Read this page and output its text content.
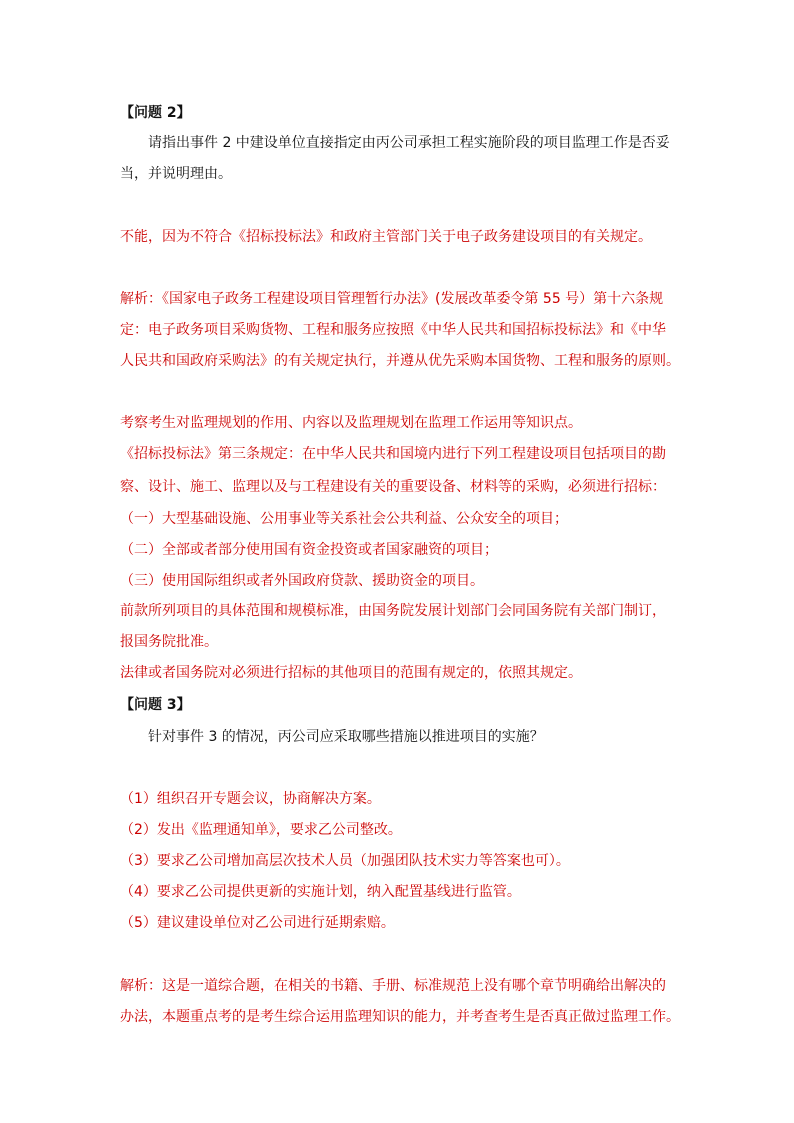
【问题 2】
请指出事件 2 中建设单位直接指定由丙公司承担工程实施阶段的项目监理工作是否妥
当，并说明理由。
不能，因为不符合《招标投标法》和政府主管部门关于电子政务建设项目的有关规定。
解析：《国家电子政务工程建设项目管理暂行办法》(发展改革委令第 55 号）第十六条规
定：电子政务项目采购货物、工程和服务应按照《中华人民共和国招标投标法》和《中华
人民共和国政府采购法》的有关规定执行，并遵从优先采购本国货物、工程和服务的原则。
考察考生对监理规划的作用、内容以及监理规划在监理工作运用等知识点。
《招标投标法》第三条规定：在中华人民共和国境内进行下列工程建设项目包括项目的勘
察、设计、施工、监理以及与工程建设有关的重要设备、材料等的采购，必须进行招标：
（一）大型基础设施、公用事业等关系社会公共利益、公众安全的项目；
（二）全部或者部分使用国有资金投资或者国家融资的项目；
（三）使用国际组织或者外国政府贷款、援助资金的项目。
前款所列项目的具体范围和规模标准，由国务院发展计划部门会同国务院有关部门制订，
报国务院批准。
法律或者国务院对必须进行招标的其他项目的范围有规定的，依照其规定。
【问题 3】
针对事件 3 的情况，丙公司应采取哪些措施以推进项目的实施？
（1）组织召开专题会议，协商解决方案。
（2）发出《监理通知单》，要求乙公司整改。
（3）要求乙公司增加高层次技术人员（加强团队技术实力等答案也可）。
（4）要求乙公司提供更新的实施计划，纳入配置基线进行监管。
（5）建议建设单位对乙公司进行延期索赔。
解析：这是一道综合题，在相关的书籍、手册、标准规范上没有哪个章节明确给出解决的
办法，本题重点考的是考生综合运用监理知识的能力，并考查考生是否真正做过监理工作。
